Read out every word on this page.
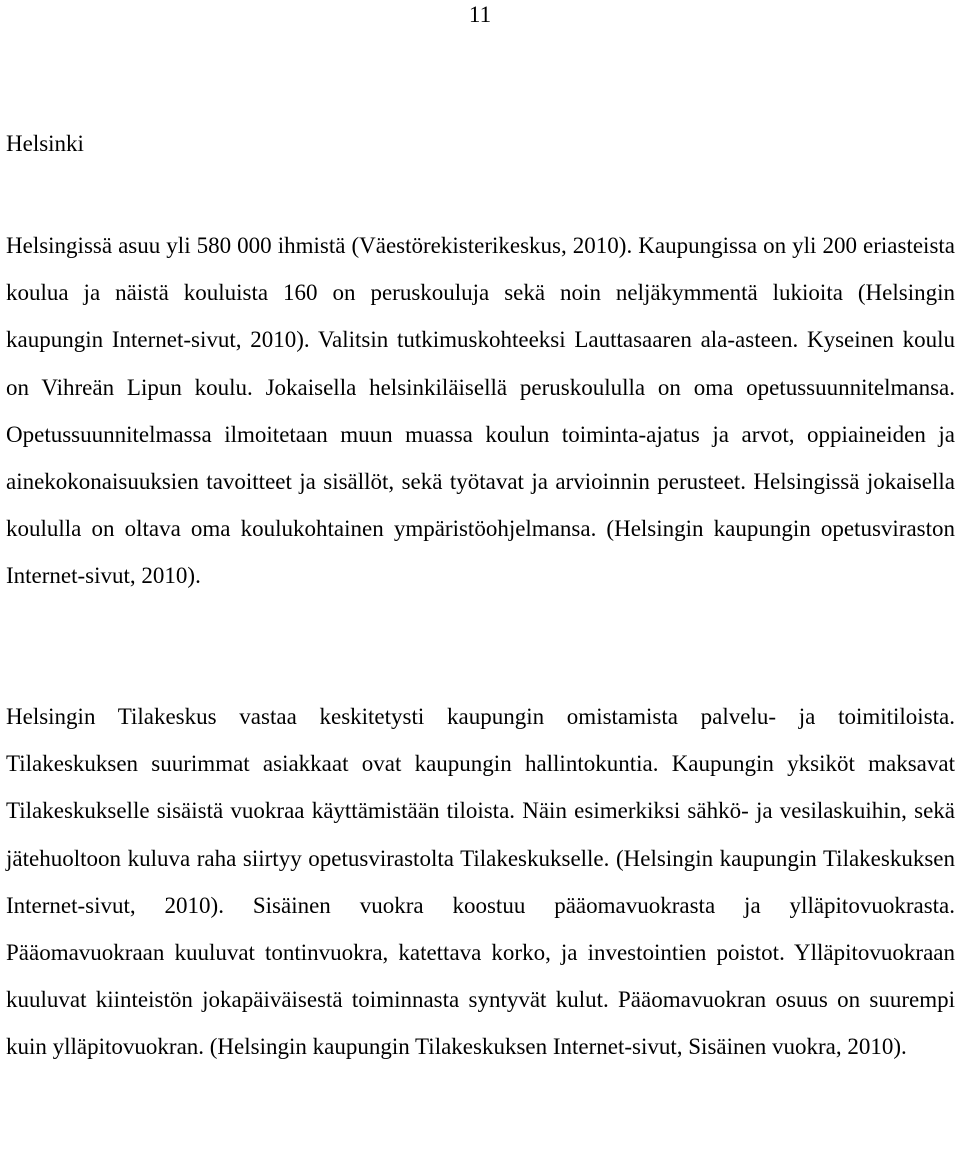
11
Helsinki

Helsingissä asuu yli 580 000 ihmistä (Väestörekisterikeskus, 2010). Kaupungissa on yli 200 eriasteista koulua ja näistä kouluista 160 on peruskouluja sekä noin neljäkymmentä lukioita (Helsingin kaupungin Internet-sivut, 2010). Valitsin tutkimuskohteeksi Lauttasaaren ala-asteen. Kyseinen koulu on Vihreän Lipun koulu. Jokaisella helsinkiläisellä peruskoululla on oma opetussuunnitelmansa. Opetussuunnitelmassa ilmoitetaan muun muassa koulun toiminta-ajatus ja arvot, oppiaineiden ja ainekokonaisuuksien tavoitteet ja sisällöt, sekä työtavat ja arvioinnin perusteet. Helsingissä jokaisella koululla on oltava oma koulukohtainen ympäristöohjelmansa. (Helsingin kaupungin opetusviraston Internet-sivut, 2010).

Helsingin Tilakeskus vastaa keskitetysti kaupungin omistamista palvelu- ja toimitiloista. Tilakeskuksen suurimmat asiakkaat ovat kaupungin hallintokuntia. Kaupungin yksiköt maksavat Tilakeskukselle sisäistä vuokraa käyttämistään tiloista. Näin esimerkiksi sähkö- ja vesilaskuihin, sekä jätehuoltoon kuluva raha siirtyy opetusvirastolta Tilakeskukselle. (Helsingin kaupungin Tilakeskuksen Internet-sivut, 2010). Sisäinen vuokra koostuu pääomavuokrasta ja ylläpitovuokrasta. Pääomavuokraan kuuluvat tontinvuokra, katettava korko, ja investointien poistot. Ylläpitovuokraan kuuluvat kiinteistön jokapäiväisestä toiminnasta syntyvät kulut. Pääomavuokran osuus on suurempi kuin ylläpitovuokran. (Helsingin kaupungin Tilakeskuksen Internet-sivut, Sisäinen vuokra, 2010).
